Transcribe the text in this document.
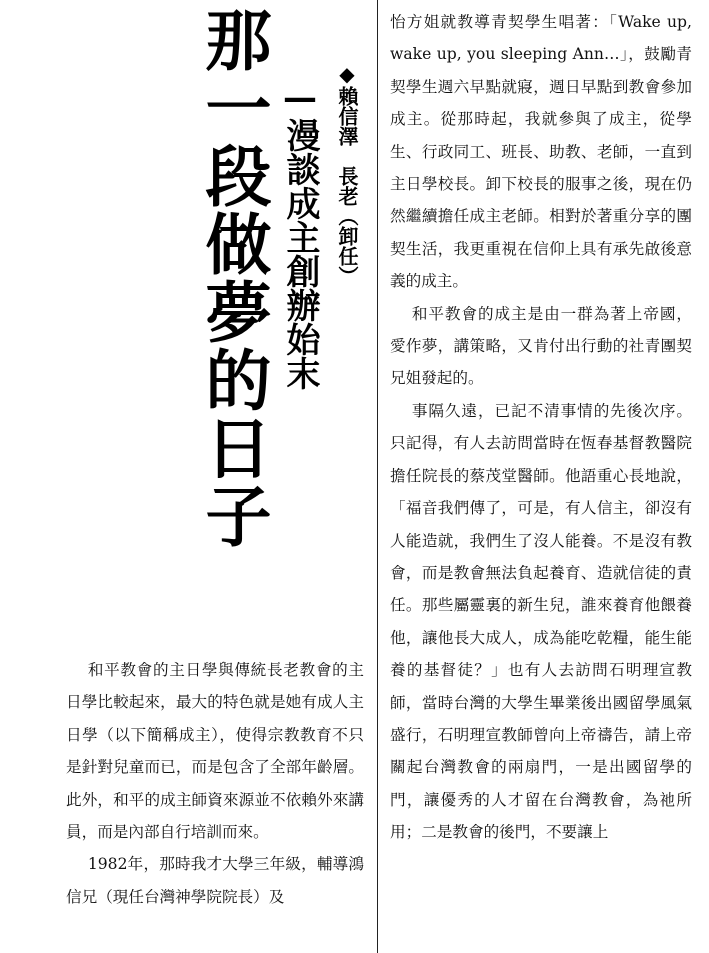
那一段做夢的日子 —漫談成主創辦始末 ◆賴信澤　長老（卸任）

和平教會的主日學與傳統長老教會的主日學比較起來，最大的特色就是她有成人主日學（以下簡稱成主），使得宗教教育不只是針對兒童而已，而是包含了全部年齡層。此外，和平的成主師資來源並不依賴外來講員，而是內部自行培訓而來。

1982年，那時我才大學三年級，輔導鴻信兄（現任台灣神學院院長）及

怡方姐就教導青契學生唱著：「Wake up, wake up, you sleeping Ann…」，鼓勵青契學生週六早點就寢，週日早點到教會參加成主。從那時起，我就參與了成主，從學生、行政同工、班長、助教、老師，一直到主日學校長。卸下校長的服事之後，現在仍然繼續擔任成主老師。相對於著重分享的團契生活，我更重視在信仰上具有承先啟後意義的成主。

和平教會的成主是由一群為著上帝國，愛作夢，講策略，又肯付出行動的社青團契兄姐發起的。

事隔久遠，已記不清事情的先後次序。只記得，有人去訪問當時在恆春基督教醫院擔任院長的蔡茂堂醫師。他語重心長地說，「福音我們傳了，可是，有人信主，卻沒有人能造就，我們生了沒人能養。不是沒有教會，而是教會無法負起養育、造就信徒的責任。那些屬靈裏的新生兒，誰來養育他餵養他，讓他長大成人，成為能吃乾糧，能生能養的基督徒？」也有人去訪問石明理宣教師，當時台灣的大學生畢業後出國留學風氣盛行，石明理宣教師曾向上帝禱告，請上帝關起台灣教會的兩扇門，一是出國留學的門，讓優秀的人才留在台灣教會，為祂所用；二是教會的後門，不要讓上
